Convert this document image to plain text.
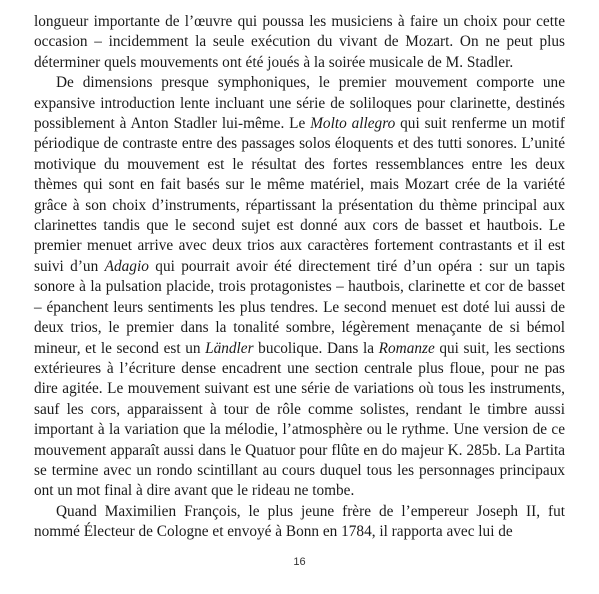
longueur importante de l’œuvre qui poussa les musiciens à faire un choix pour cette occasion – incidemment la seule exécution du vivant de Mozart. On ne peut plus déterminer quels mouvements ont été joués à la soirée musicale de M. Stadler.

De dimensions presque symphoniques, le premier mouvement comporte une expansive introduction lente incluant une série de soliloques pour clarinette, destinés possiblement à Anton Stadler lui-même. Le Molto allegro qui suit renferme un motif périodique de contraste entre des passages solos éloquents et des tutti sonores. L’unité motivique du mouvement est le résultat des fortes ressemblances entre les deux thèmes qui sont en fait basés sur le même matériel, mais Mozart crée de la variété grâce à son choix d’instruments, répartissant la présentation du thème principal aux clarinettes tandis que le second sujet est donné aux cors de basset et hautbois. Le premier menuet arrive avec deux trios aux caractères fortement contrastants et il est suivi d’un Adagio qui pourrait avoir été directement tiré d’un opéra : sur un tapis sonore à la pulsation placide, trois protagonistes – hautbois, clarinette et cor de basset – épanchent leurs sentiments les plus tendres. Le second menuet est doté lui aussi de deux trios, le premier dans la tonalité sombre, légèrement menaçante de si bémol mineur, et le second est un Ländler bucolique. Dans la Romanze qui suit, les sections extérieures à l’écriture dense encadrent une section centrale plus floue, pour ne pas dire agitée. Le mouvement suivant est une série de variations où tous les instruments, sauf les cors, apparaissent à tour de rôle comme solistes, rendant le timbre aussi important à la variation que la mélodie, l’atmosphère ou le rythme. Une version de ce mouvement apparaît aussi dans le Quatuor pour flûte en do majeur K. 285b. La Partita se termine avec un rondo scintillant au cours duquel tous les personnages principaux ont un mot final à dire avant que le rideau ne tombe.

Quand Maximilien François, le plus jeune frère de l’empereur Joseph II, fut nommé Électeur de Cologne et envoyé à Bonn en 1784, il rapporta avec lui de

16
